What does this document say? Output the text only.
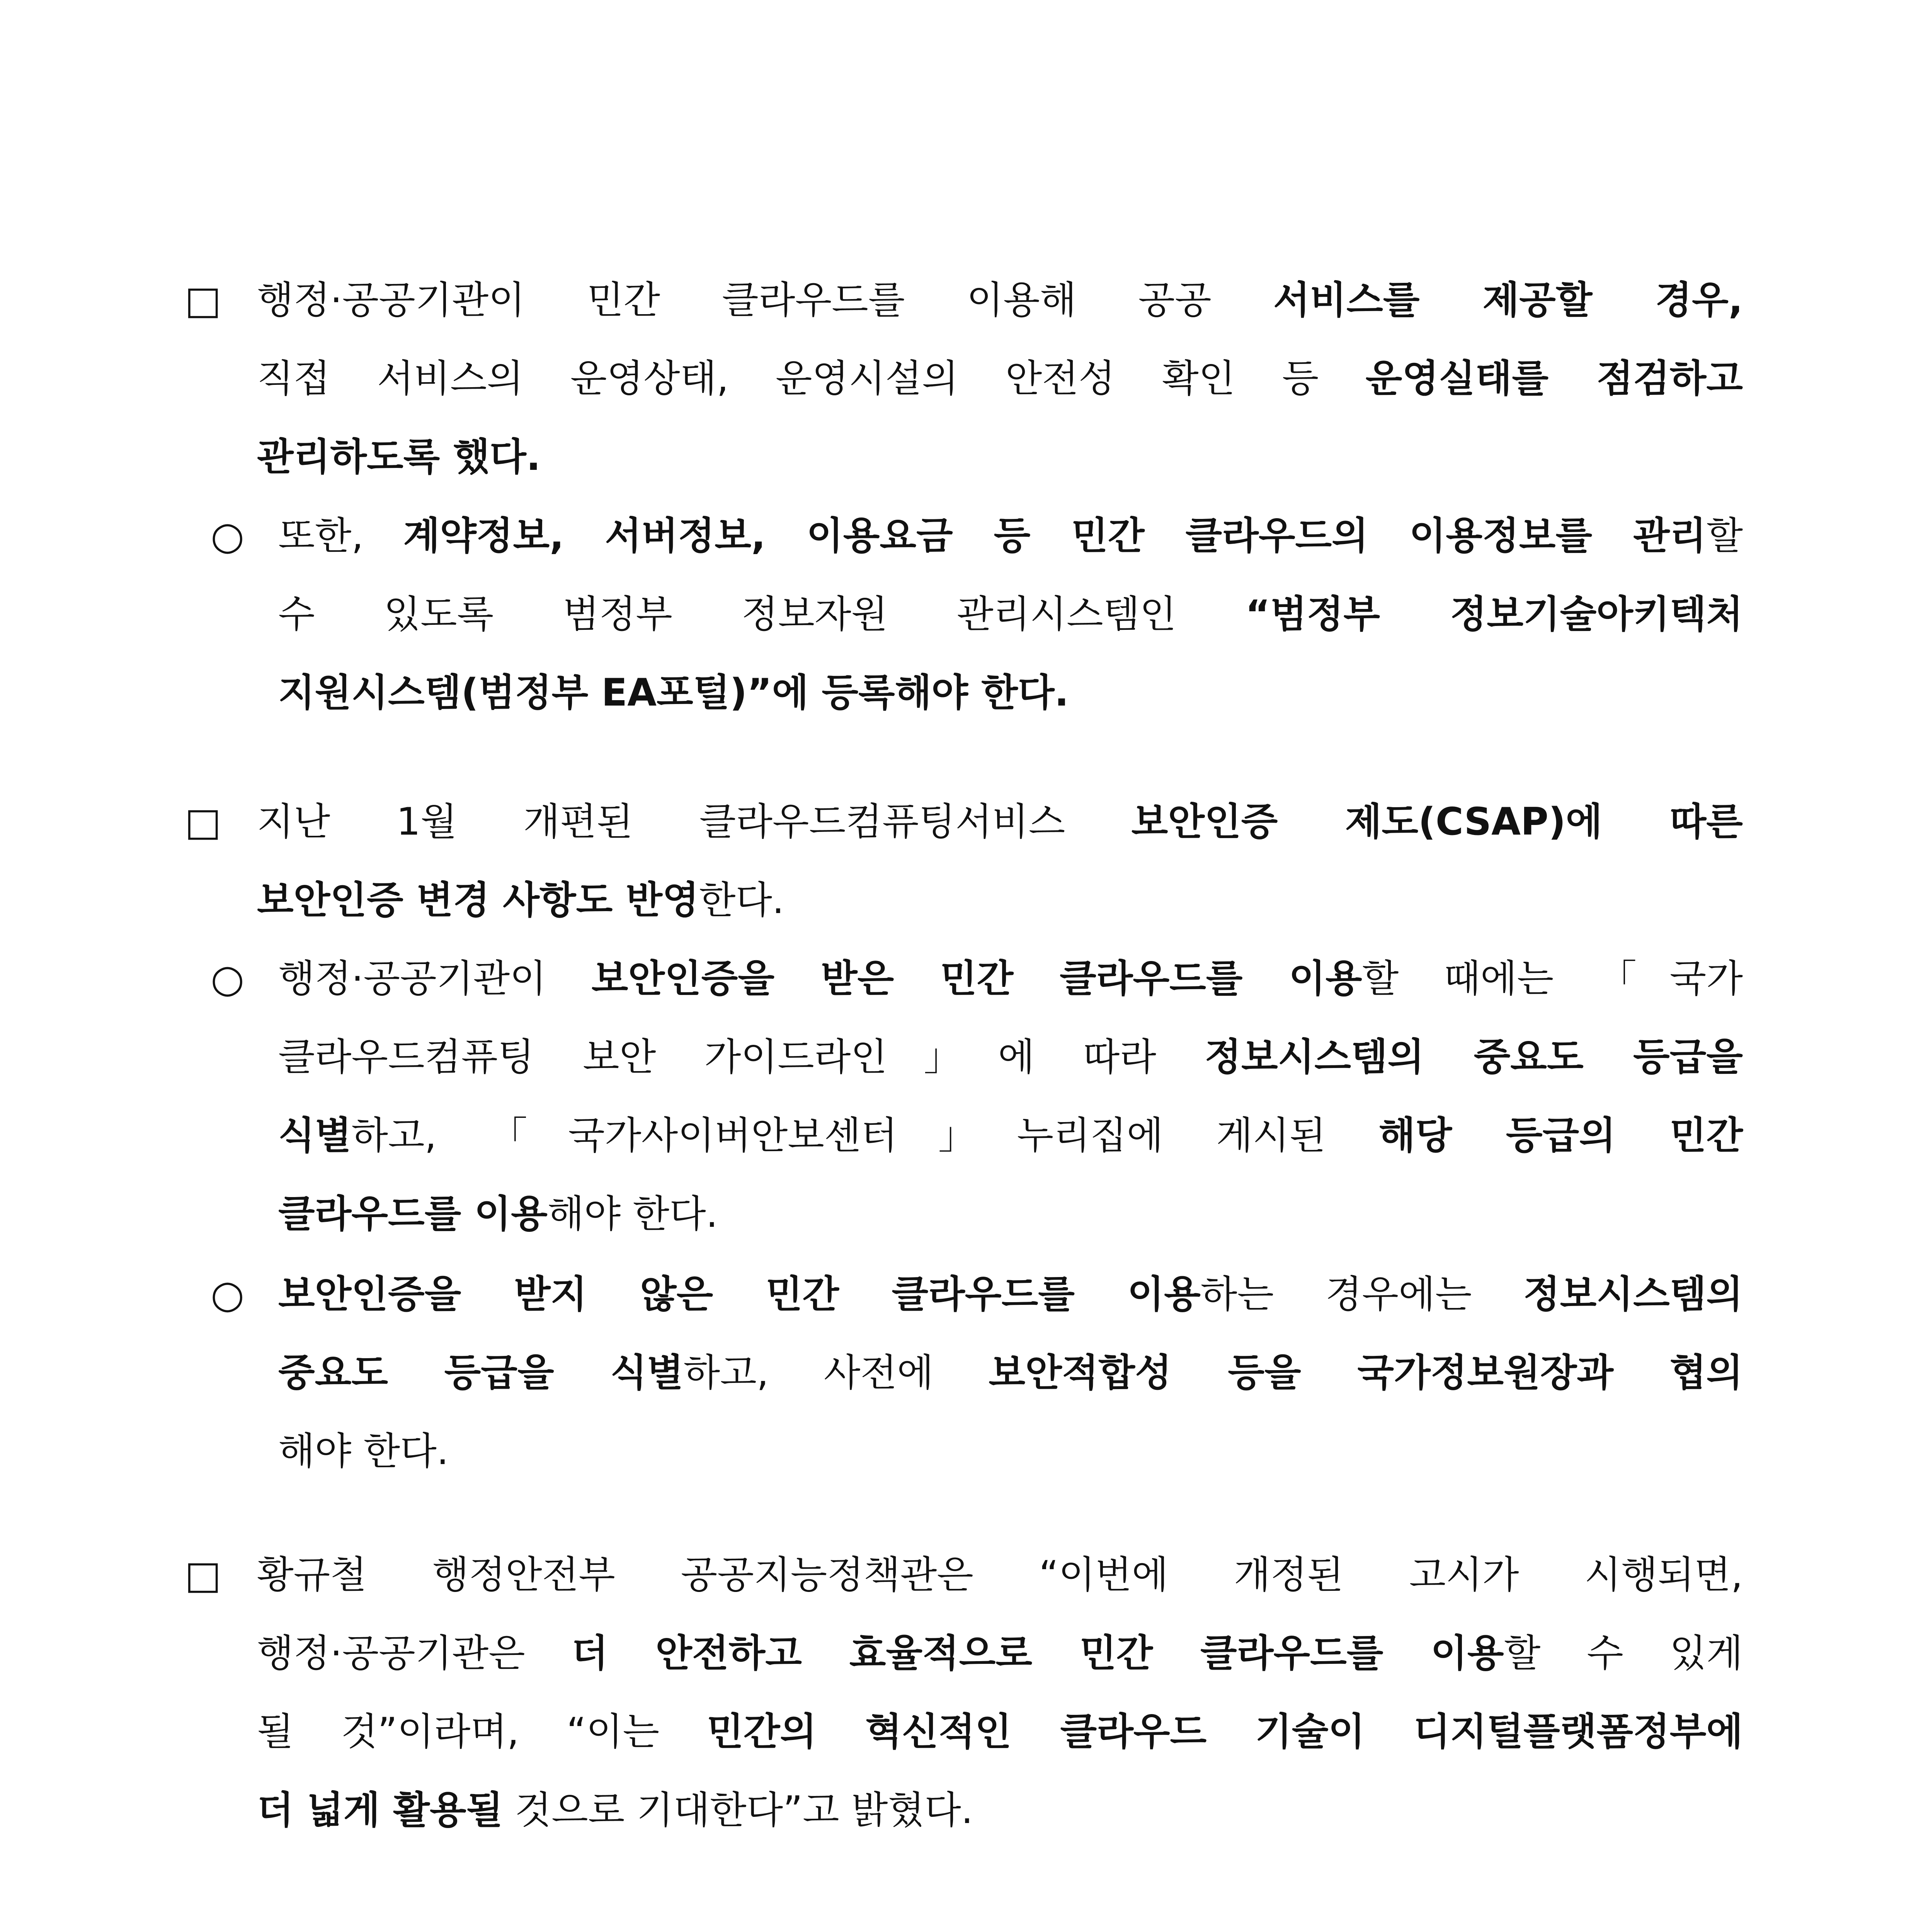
□ 행정·공공기관이 민간 클라우드를 이용해 공공 서비스를 제공할 경우,
직접 서비스의 운영상태, 운영시설의 안전성 확인 등 운영실태를 점검하고
관리하도록 했다.
○ 또한, 계약정보, 서버정보, 이용요금 등 민간 클라우드의 이용정보를 관리할
수 있도록 범정부 정보자원 관리시스템인 “범정부 정보기술아키텍처
지원시스템(범정부 EA포털)”에 등록해야 한다.
□ 지난 1월 개편된 클라우드컴퓨팅서비스 보안인증 제도(CSAP)에 따른
보안인증 변경 사항도 반영한다.
○ 행정·공공기관이 보안인증을 받은 민간 클라우드를 이용할 때에는 「국가
클라우드컴퓨팅 보안 가이드라인」에 따라 정보시스템의 중요도 등급을
식별하고, 「국가사이버안보센터」누리집에 게시된 해당 등급의 민간
클라우드를 이용해야 한다.
○ 보안인증을 받지 않은 민간 클라우드를 이용하는 경우에는 정보시스템의
중요도 등급을 식별하고, 사전에 보안적합성 등을 국가정보원장과 협의
해야 한다.
□ 황규철 행정안전부 공공지능정책관은 “이번에 개정된 고시가 시행되면,
행정·공공기관은 더 안전하고 효율적으로 민간 클라우드를 이용할 수 있게
될 것”이라며, “이는 민간의 혁신적인 클라우드 기술이 디지털플랫폼정부에
더 넓게 활용될 것으로 기대한다”고 밝혔다.
